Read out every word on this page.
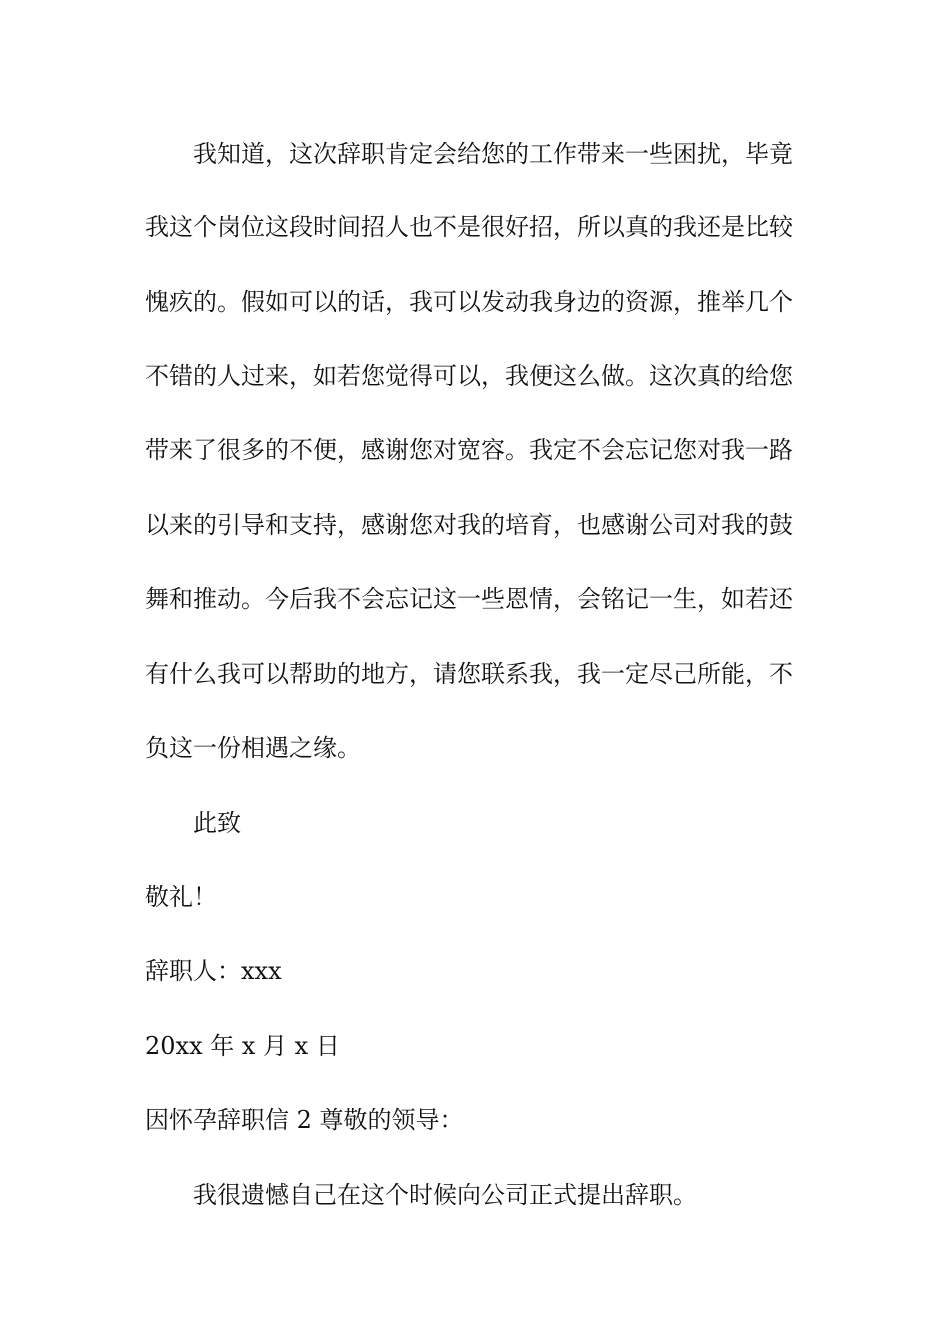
我知道，这次辞职肯定会给您的工作带来一些困扰，毕竟
我这个岗位这段时间招人也不是很好招，所以真的我还是比较
愧疚的。假如可以的话，我可以发动我身边的资源，推举几个
不错的人过来，如若您觉得可以，我便这么做。这次真的给您
带来了很多的不便，感谢您对宽容。我定不会忘记您对我一路
以来的引导和支持，感谢您对我的培育，也感谢公司对我的鼓
舞和推动。今后我不会忘记这一些恩情，会铭记一生，如若还
有什么我可以帮助的地方，请您联系我，我一定尽己所能，不
负这一份相遇之缘。
此致
敬礼！
辞职人：xxx
20xx 年 x 月 x 日
因怀孕辞职信 2 尊敬的领导：
我很遗憾自己在这个时候向公司正式提出辞职。
